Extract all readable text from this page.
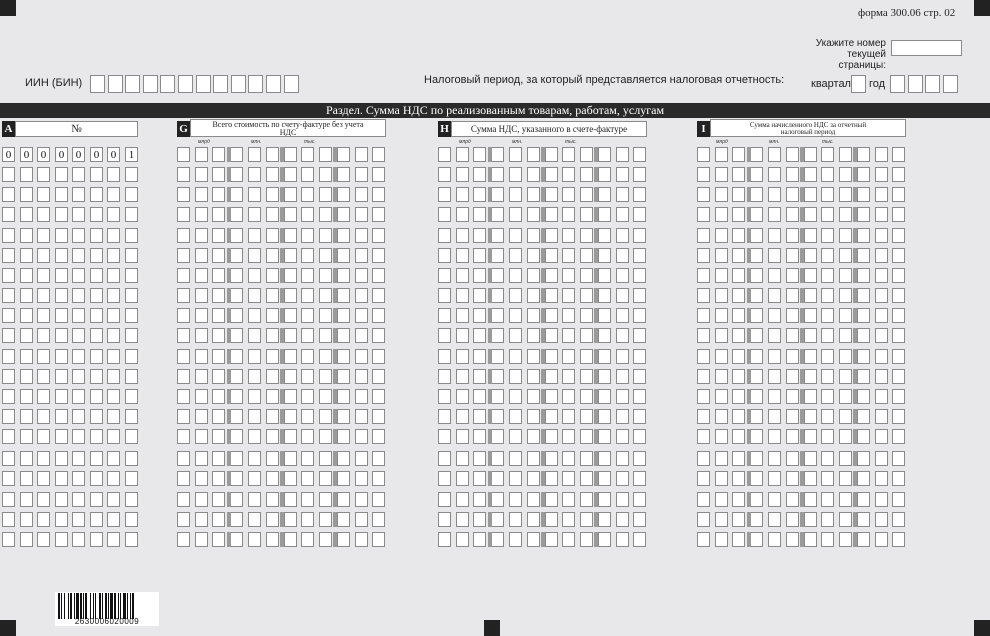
форма 300.06 стр. 02
Укажите номер
текущей страницы:
ИИН (БИН)	Налоговый период, за который представляется налоговая отчетность: квартал год
Раздел. Сумма НДС по реализованным товарам, работам, услугам
A	№	G	Всего стоимость по счету-фактуре без учета НДС	H	Сумма НДС, указанного в счете-фактуре	I	Сумма начисленного НДС за отчетный налоговый период
млрд	млн.	тыс.	млрд	млн.	тыс.	млрд	млн.	тыс.
0	0	0	0	0	0	0	1
2630006020009
